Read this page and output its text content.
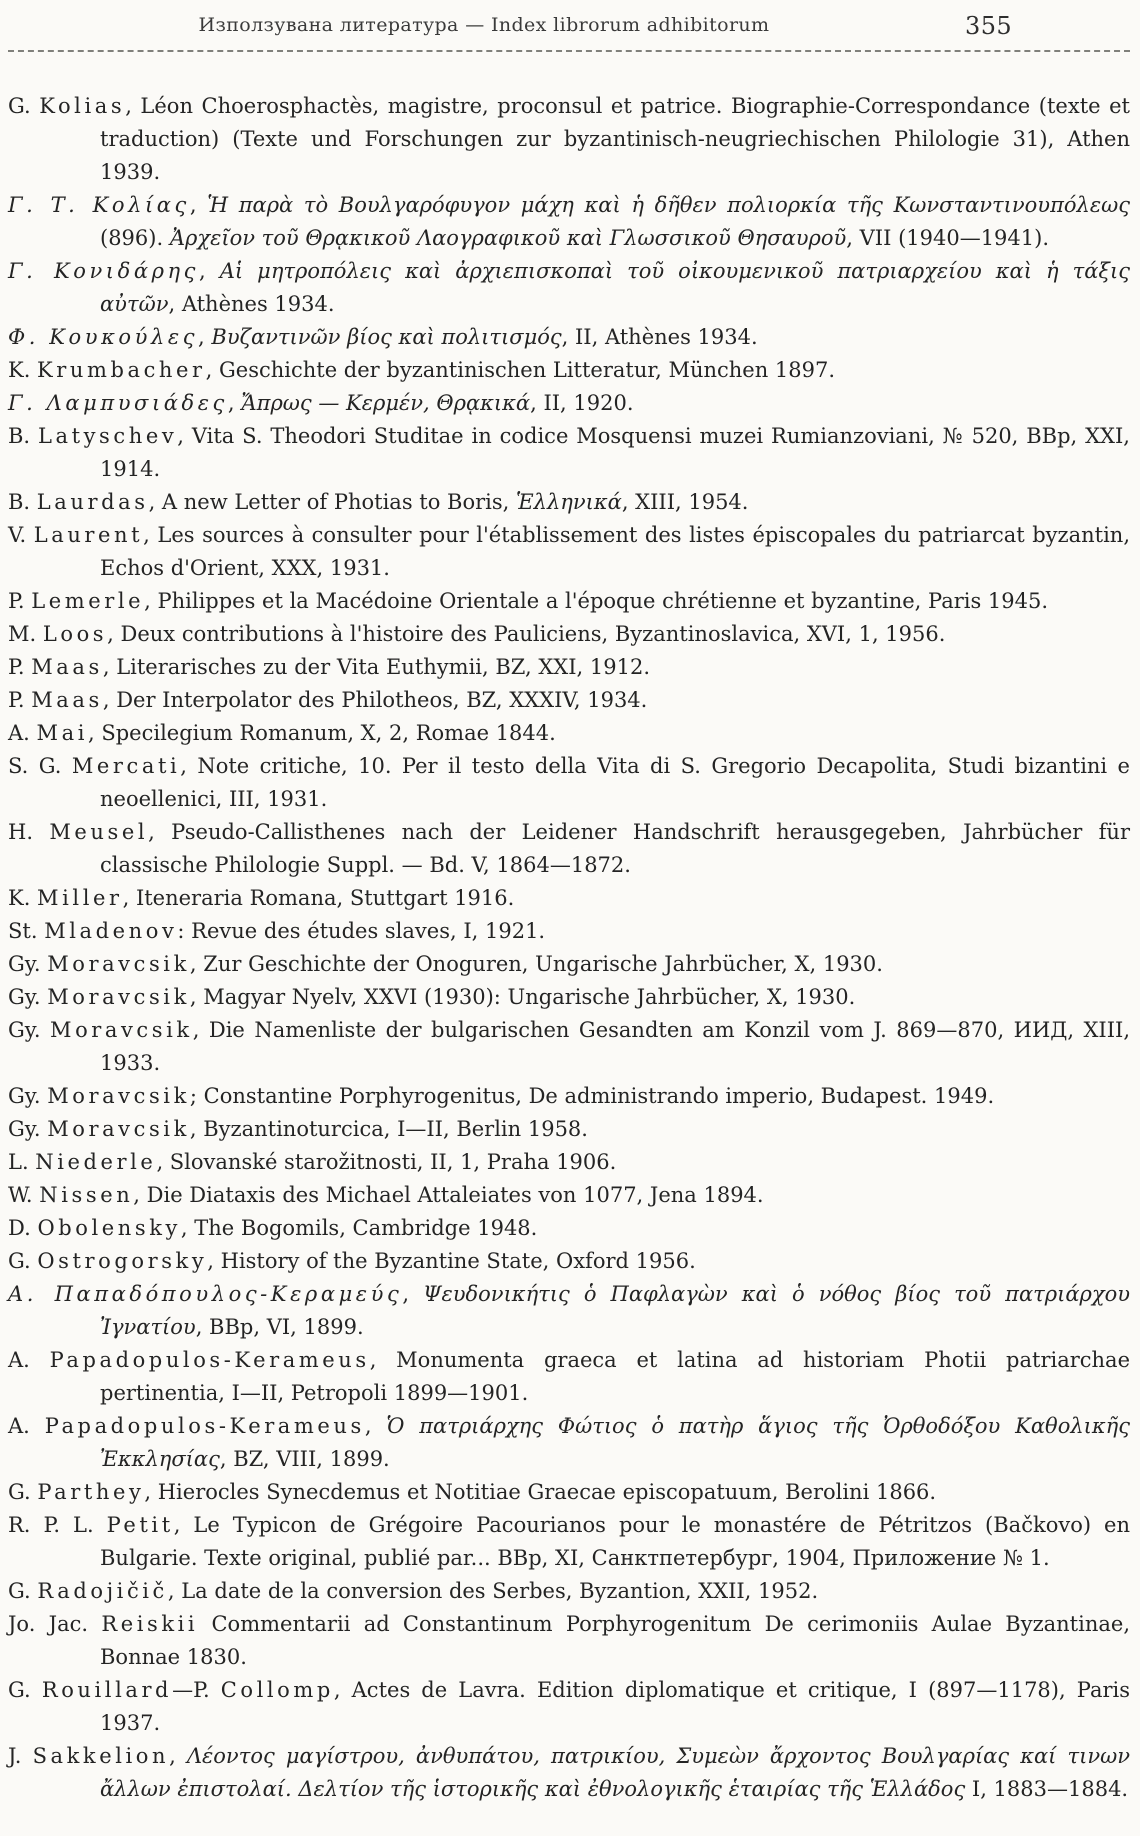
Използувана литература — Index librorum adhibitorum	355

G. Kolias, Léon Choerosphactès, magistre, proconsul et patrice. Biographie-Correspondance (texte et traduction) (Texte und Forschungen zur byzantinisch-neugriechischen Philologie 31), Athen 1939.

Γ. Τ. Κολίας, Ἡ παρὰ τὸ Βουλγαρόφυγον μάχη καὶ ἡ δῆθεν πολιορκία τῆς Κωνσταντινουπόλεως (896). Ἀρχεῖον τοῦ Θρᾳκικοῦ Λαογραφικοῦ καὶ Γλωσσικοῦ Θησαυροῦ, VII (1940—1941).

Γ. Κονιδάρης, Αἱ μητροπόλεις καὶ ἀρχιεπισκοπαὶ τοῦ οἰκουμενικοῦ πατριαρχείου καὶ ἡ τάξις αὐτῶν, Athènes 1934.

Φ. Κουκούλες, Βυζαντινῶν βίος καὶ πολιτισμός, II, Athènes 1934.

K. Krumbacher, Geschichte der byzantinischen Litteratur, München 1897.

Γ. Λαμπυσιάδες, Ἄπρως — Κερμέν, Θρᾳκικά, II, 1920.

B. Latyschev, Vita S. Theodori Studitae in codice Mosquensi muzei Rumianzoviani, № 520, BBp, XXI, 1914.

B. Laurdas, A new Letter of Photias to Boris, Ἑλληνικά, XIII, 1954.

V. Laurent, Les sources à consulter pour l'établissement des listes épiscopales du patriarcat byzantin, Echos d'Orient, XXX, 1931.

P. Lemerle, Philippes et la Macédoine Orientale a l'époque chrétienne et byzantine, Paris 1945.

M. Loos, Deux contributions à l'histoire des Pauliciens, Byzantinoslavica, XVI, 1, 1956.

P. Maas, Literarisches zu der Vita Euthymii, BZ, XXI, 1912.

P. Maas, Der Interpolator des Philotheos, BZ, XXXIV, 1934.

A. Mai, Specilegium Romanum, X, 2, Romae 1844.

S. G. Mercati, Note critiche, 10. Per il testo della Vita di S. Gregorio Decapolita, Studi bizantini e neoellenici, III, 1931.

H. Meusel, Pseudo-Callisthenes nach der Leidener Handschrift herausgegeben, Jahrbücher für classische Philologie Suppl. — Bd. V, 1864—1872.

K. Miller, Iteneraria Romana, Stuttgart 1916.

St. Mladenov: Revue des études slaves, I, 1921.

Gy. Moravcsik, Zur Geschichte der Onoguren, Ungarische Jahrbücher, X, 1930.

Gy. Moravcsik, Magyar Nyelv, XXVI (1930): Ungarische Jahrbücher, X, 1930.

Gy. Moravcsik, Die Namenliste der bulgarischen Gesandten am Konzil vom J. 869—870, ИИД, XIII, 1933.

Gy. Moravcsik; Constantine Porphyrogenitus, De administrando imperio, Budapest. 1949.

Gy. Moravcsik, Byzantinoturcica, I—II, Berlin 1958.

L. Niederle, Slovanské starožitnosti, II, 1, Praha 1906.

W. Nissen, Die Diataxis des Michael Attaleiates von 1077, Jena 1894.

D. Obolensky, The Bogomils, Cambridge 1948.

G. Ostrogorsky, History of the Byzantine State, Oxford 1956.

Α. Παπαδόπουλος-Κεραμεύς, Ψευδονικήτις ὁ Παφλαγὼν καὶ ὁ νόθος βίος τοῦ πατριάρχου Ἰγνατίου, BBp, VI, 1899.

A. Papadopulos-Kerameus, Monumenta graeca et latina ad historiam Photii patriarchae pertinentia, I—II, Petropoli 1899—1901.

A. Papadopulos-Kerameus, Ὁ πατριάρχης Φώτιος ὁ πατὴρ ἅγιος τῆς Ὀρθοδόξου Καθολικῆς Ἐκκλησίας, BZ, VIII, 1899.

G. Parthey, Hierocles Synecdemus et Notitiae Graecae episcopatuum, Berolini 1866.

R. P. L. Petit, Le Typicon de Grégoire Pacourianos pour le monastére de Pétritzos (Bačkovo) en Bulgarie. Texte original, publié par... BBp, XI, Санктпетербург, 1904, Приложение № 1.

G. Radojičič, La date de la conversion des Serbes, Byzantion, XXII, 1952.

Jo. Jac. Reiskii Commentarii ad Constantinum Porphyrogenitum De cerimoniis Aulae Byzantinae, Bonnae 1830.

G. Rouillard—P. Collomp, Actes de Lavra. Edition diplomatique et critique, I (897—1178), Paris 1937.

J. Sakkelion, Λέοντος μαγίστρου, ἀνθυπάτου, πατρικίου, Συμεὼν ἄρχοντος Βουλγαρίας καί τινων ἄλλων ἐπιστολαί. Δελτίον τῆς ἱστορικῆς καὶ ἐθνολογικῆς ἑταιρίας τῆς Ἑλλάδος I, 1883—1884.
